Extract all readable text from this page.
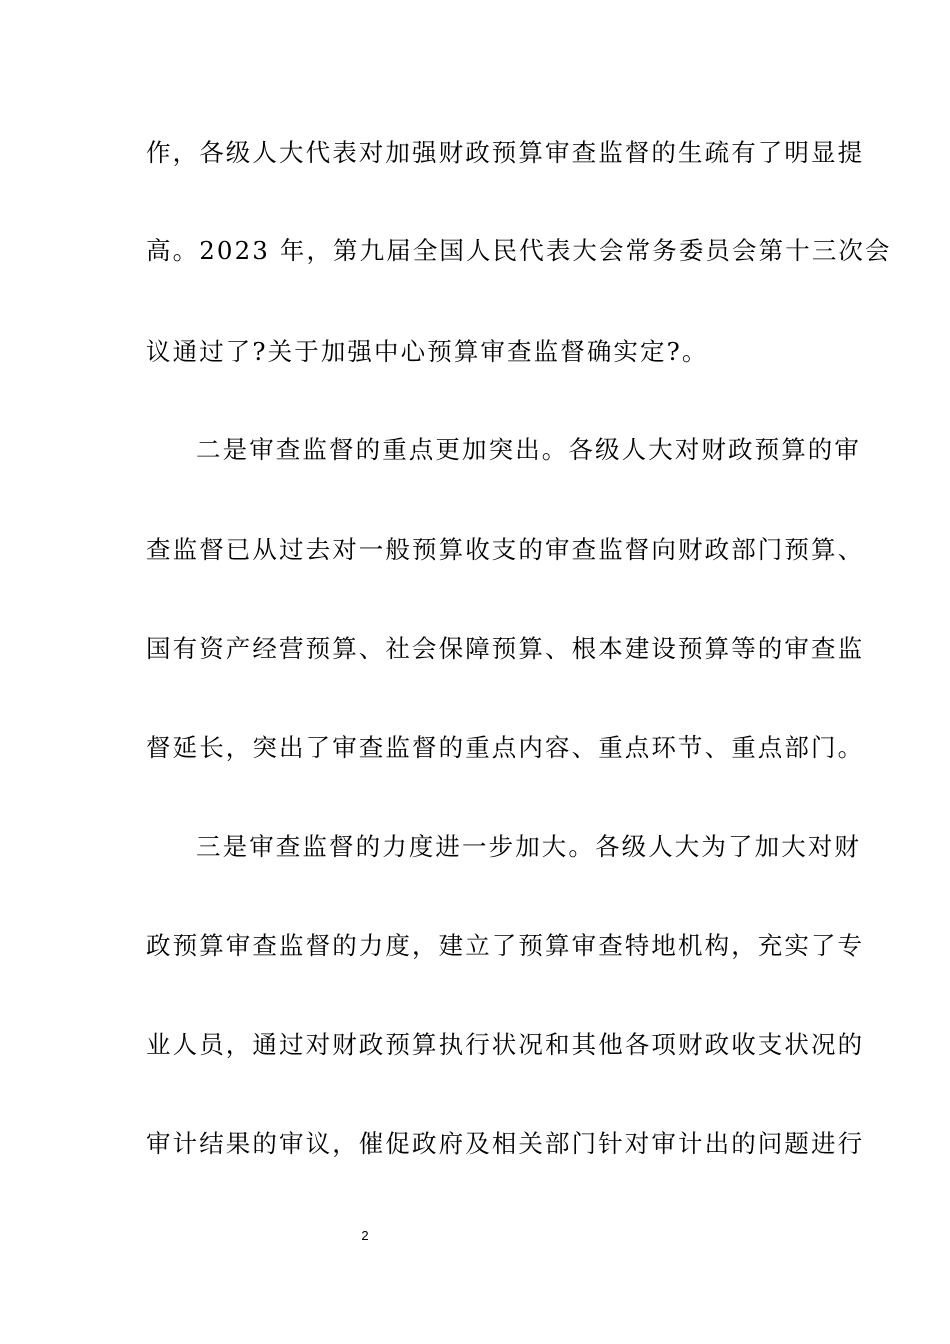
作，各级人大代表对加强财政预算审查监督的生疏有了明显提
高。2023 年，第九届全国人民代表大会常务委员会第十三次会
议通过了?关于加强中心预算审查监督确实定?。
二是审查监督的重点更加突出。各级人大对财政预算的审
查监督已从过去对一般预算收支的审查监督向财政部门预算、
国有资产经营预算、社会保障预算、根本建设预算等的审查监
督延长，突出了审查监督的重点内容、重点环节、重点部门。
三是审查监督的力度进一步加大。各级人大为了加大对财
政预算审查监督的力度，建立了预算审查特地机构，充实了专
业人员，通过对财政预算执行状况和其他各项财政收支状况的
审计结果的审议，催促政府及相关部门针对审计出的问题进行
2
